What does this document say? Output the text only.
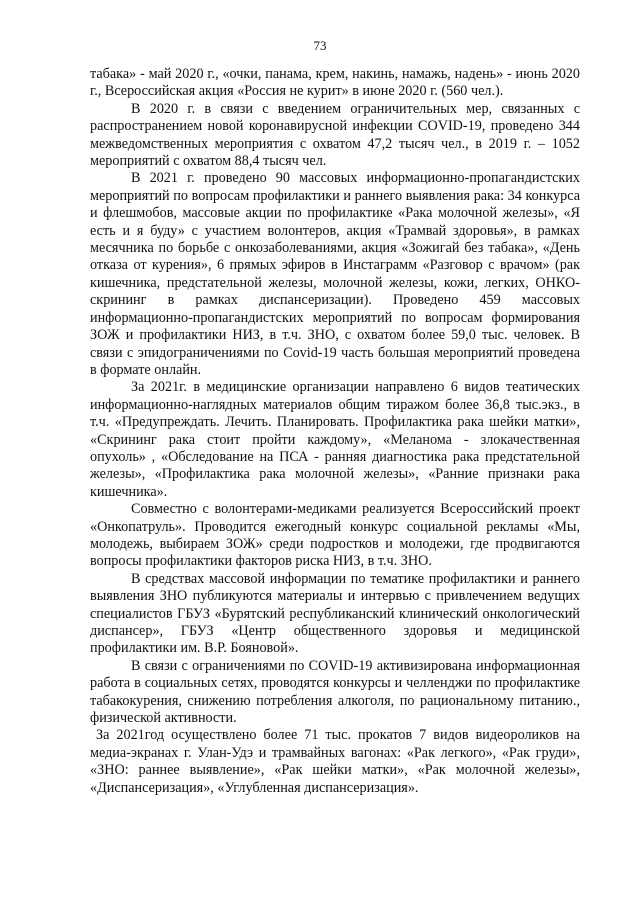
73

табака» - май 2020 г., «очки, панама, крем, накинь, намажь, надень» - июнь 2020 г., Всероссийская акция «Россия не курит» в июне 2020 г. (560 чел.).

В 2020 г. в связи с введением ограничительных мер, связанных с распространением новой коронавирусной инфекции COVID-19, проведено 344 межведомственных мероприятия с охватом 47,2 тысяч чел., в 2019 г. – 1052 мероприятий с охватом 88,4 тысяч чел.

В 2021 г. проведено 90 массовых информационно-пропагандистских мероприятий по вопросам профилактики и раннего выявления рака: 34 конкурса и флешмобов, массовые акции по профилактике «Рака молочной железы», «Я есть и я буду» с участием волонтеров, акция «Трамвай здоровья», в рамках месячника по борьбе с онкозаболеваниями, акция «Зожигай без табака», «День отказа от курения», 6 прямых эфиров в Инстаграмм «Разговор с врачом» (рак кишечника, предстательной железы, молочной железы, кожи, легких, ОНКО-скрининг в рамках диспансеризации). Проведено 459 массовых информационно-пропагандистских мероприятий по вопросам формирования ЗОЖ и профилактики НИЗ, в т.ч. ЗНО, с охватом более 59,0 тыс. человек. В связи с эпидограничениями по Covid-19 часть большая мероприятий проведена в формате онлайн.

За 2021г. в медицинские организации направлено 6 видов театических информационно-наглядных материалов общим тиражом более 36,8 тыс.экз., в т.ч. «Предупреждать. Лечить. Планировать. Профилактика рака шейки матки», «Скрининг рака стоит пройти каждому», «Меланома - злокачественная опухоль» , «Обследование на ПСА - ранняя диагностика рака предстательной железы», «Профилактика рака молочной железы», «Ранние признаки рака кишечника».

Совместно с волонтерами-медиками реализуется Всероссийский проект «Онкопатруль». Проводится ежегодный конкурс социальной рекламы «Мы, молодежь, выбираем ЗОЖ» среди подростков и молодежи, где продвигаются вопросы профилактики факторов риска НИЗ, в т.ч. ЗНО.

В средствах массовой информации по тематике профилактики и раннего выявления ЗНО публикуются материалы и интервью с привлечением ведущих специалистов ГБУЗ «Бурятский республиканский клинический онкологический диспансер», ГБУЗ «Центр общественного здоровья и медицинской профилактики им. В.Р. Бояновой».

В связи с ограничениями по COVID-19 активизирована информационная работа в социальных сетях, проводятся конкурсы и челленджи по профилактике табакокурения, снижению потребления алкоголя, по рациональному питанию., физической активности.

За 2021год осуществлено более 71 тыс. прокатов 7 видов видеороликов на медиа-экранах г. Улан-Удэ и трамвайных вагонах: «Рак легкого», «Рак груди», «ЗНО: раннее выявление», «Рак шейки матки», «Рак молочной железы», «Диспансеризация», «Углубленная диспансеризация».
